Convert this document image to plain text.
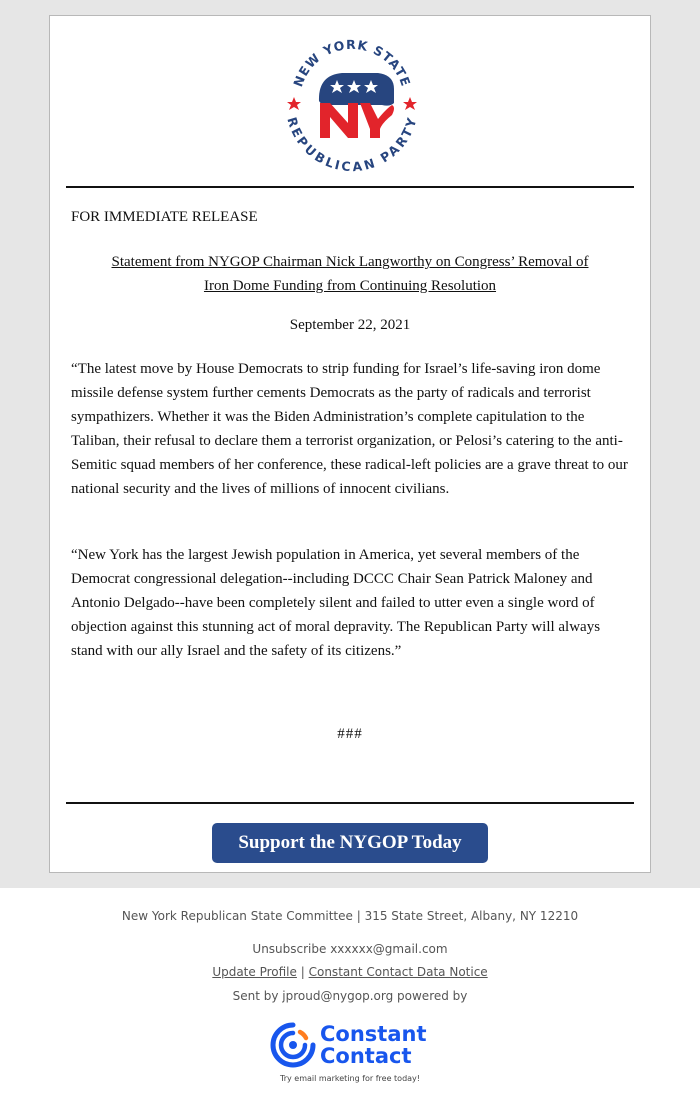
NEW YORK STATE
REPUBLICAN PARTY
FOR IMMEDIATE RELEASE
Statement from NYGOP Chairman Nick Langworthy on Congress’ Removal of
Iron Dome Funding from Continuing Resolution
September 22, 2021

“The latest move by House Democrats to strip funding for Israel’s life-saving iron dome missile defense system further cements Democrats as the party of radicals and terrorist sympathizers. Whether it was the Biden Administration’s complete capitulation to the Taliban, their refusal to declare them a terrorist organization, or Pelosi’s catering to the anti-Semitic squad members of her conference, these radical-left policies are a grave threat to our national security and the lives of millions of innocent civilians.

“New York has the largest Jewish population in America, yet several members of the Democrat congressional delegation--including DCCC Chair Sean Patrick Maloney and Antonio Delgado--have been completely silent and failed to utter even a single word of objection against this stunning act of moral depravity. The Republican Party will always stand with our ally Israel and the safety of its citizens.”

###
Support the NYGOP Today
New York Republican State Committee | 315 State Street, Albany, NY 12210
Unsubscribe xxxxxx@gmail.com
Update Profile | Constant Contact Data Notice
Sent by jproud@nygop.org powered by
Constant
Contact
Try email marketing for free today!
